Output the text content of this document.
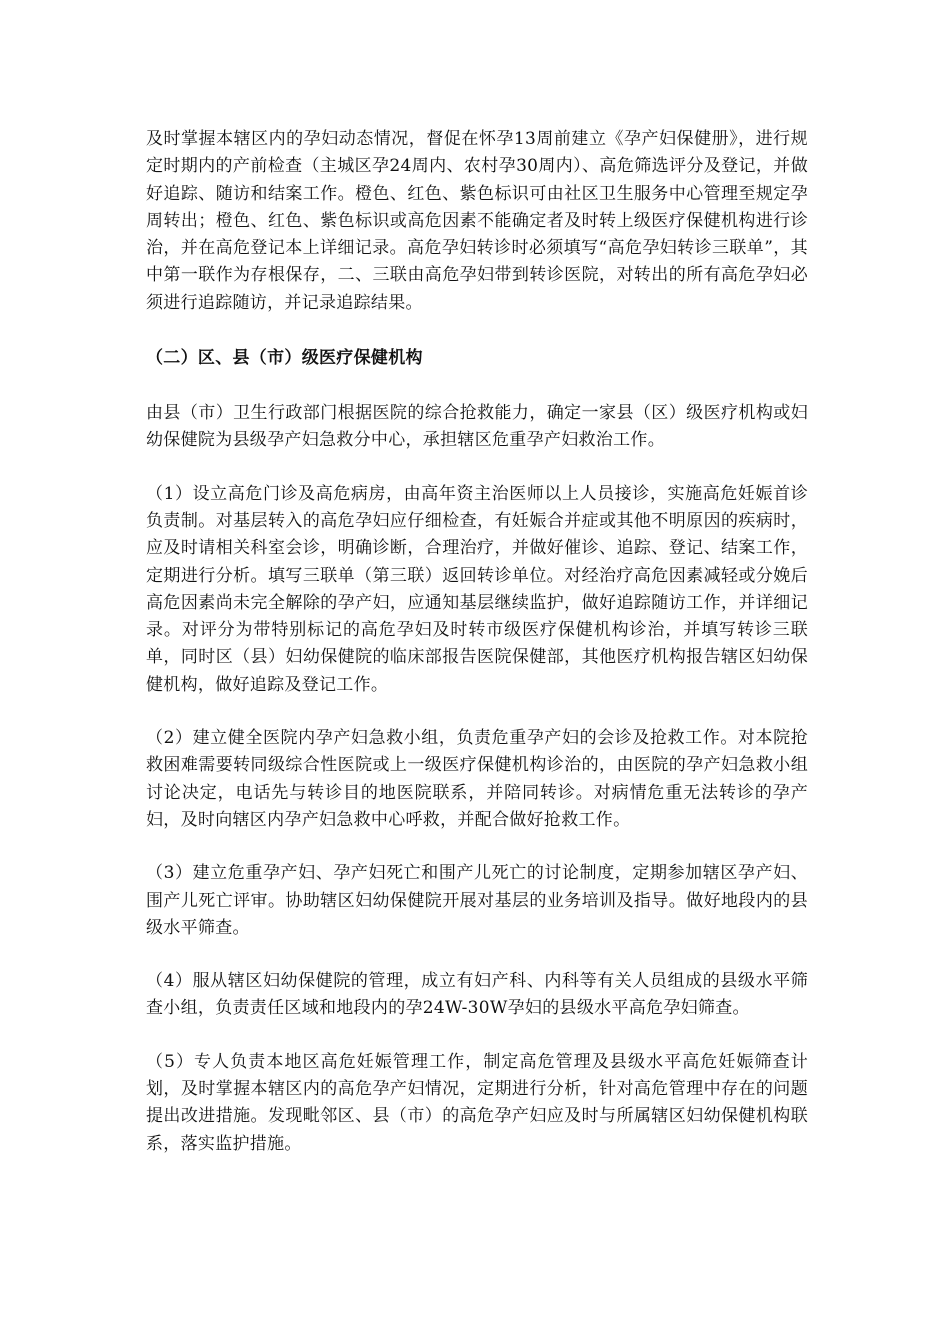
及时掌握本辖区内的孕妇动态情况，督促在怀孕13周前建立《孕产妇保健册》，进行规定时期内的产前检查（主城区孕24周内、农村孕30周内）、高危筛选评分及登记，并做好追踪、随访和结案工作。橙色、红色、紫色标识可由社区卫生服务中心管理至规定孕周转出；橙色、红色、紫色标识或高危因素不能确定者及时转上级医疗保健机构进行诊治，并在高危登记本上详细记录。高危孕妇转诊时必须填写“高危孕妇转诊三联单”，其中第一联作为存根保存，二、三联由高危孕妇带到转诊医院，对转出的所有高危孕妇必须进行追踪随访，并记录追踪结果。

（二）区、县（市）级医疗保健机构

由县（市）卫生行政部门根据医院的综合抢救能力，确定一家县（区）级医疗机构或妇幼保健院为县级孕产妇急救分中心，承担辖区危重孕产妇救治工作。

（1）设立高危门诊及高危病房，由高年资主治医师以上人员接诊，实施高危妊娠首诊负责制。对基层转入的高危孕妇应仔细检查，有妊娠合并症或其他不明原因的疾病时，应及时请相关科室会诊，明确诊断，合理治疗，并做好催诊、追踪、登记、结案工作，定期进行分析。填写三联单（第三联）返回转诊单位。对经治疗高危因素减轻或分娩后高危因素尚未完全解除的孕产妇，应通知基层继续监护，做好追踪随访工作，并详细记录。对评分为带特别标记的高危孕妇及时转市级医疗保健机构诊治，并填写转诊三联单，同时区（县）妇幼保健院的临床部报告医院保健部，其他医疗机构报告辖区妇幼保健机构，做好追踪及登记工作。

（2）建立健全医院内孕产妇急救小组，负责危重孕产妇的会诊及抢救工作。对本院抢救困难需要转同级综合性医院或上一级医疗保健机构诊治的，由医院的孕产妇急救小组讨论决定，电话先与转诊目的地医院联系，并陪同转诊。对病情危重无法转诊的孕产妇，及时向辖区内孕产妇急救中心呼救，并配合做好抢救工作。

（3）建立危重孕产妇、孕产妇死亡和围产儿死亡的讨论制度，定期参加辖区孕产妇、围产儿死亡评审。协助辖区妇幼保健院开展对基层的业务培训及指导。做好地段内的县级水平筛查。

（4）服从辖区妇幼保健院的管理，成立有妇产科、内科等有关人员组成的县级水平筛查小组，负责责任区域和地段内的孕24W-30W孕妇的县级水平高危孕妇筛查。

（5）专人负责本地区高危妊娠管理工作，制定高危管理及县级水平高危妊娠筛查计划，及时掌握本辖区内的高危孕产妇情况，定期进行分析，针对高危管理中存在的问题提出改进措施。发现毗邻区、县（市）的高危孕产妇应及时与所属辖区妇幼保健机构联系，落实监护措施。
